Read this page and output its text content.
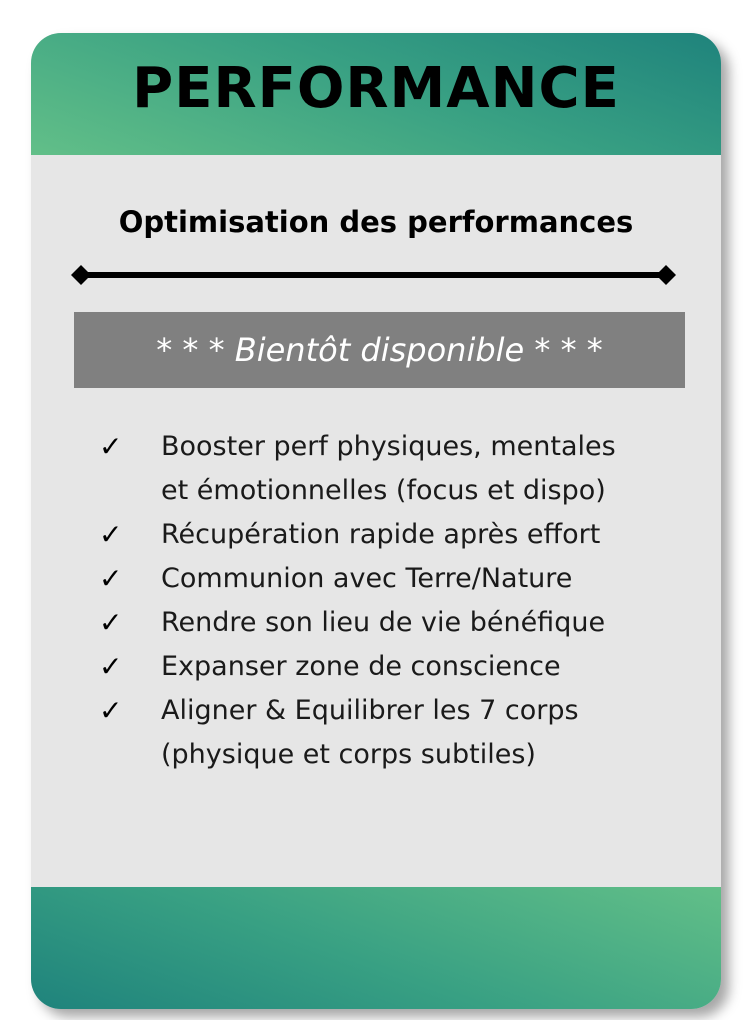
PERFORMANCE
Optimisation des performances
* * * Bientôt disponible * * *
✓ Booster perf physiques, mentales
et émotionnelles (focus et dispo)
✓ Récupération rapide après effort
✓ Communion avec Terre/Nature
✓ Rendre son lieu de vie bénéfique
✓ Expanser zone de conscience
✓ Aligner & Equilibrer les 7 corps
(physique et corps subtiles)
